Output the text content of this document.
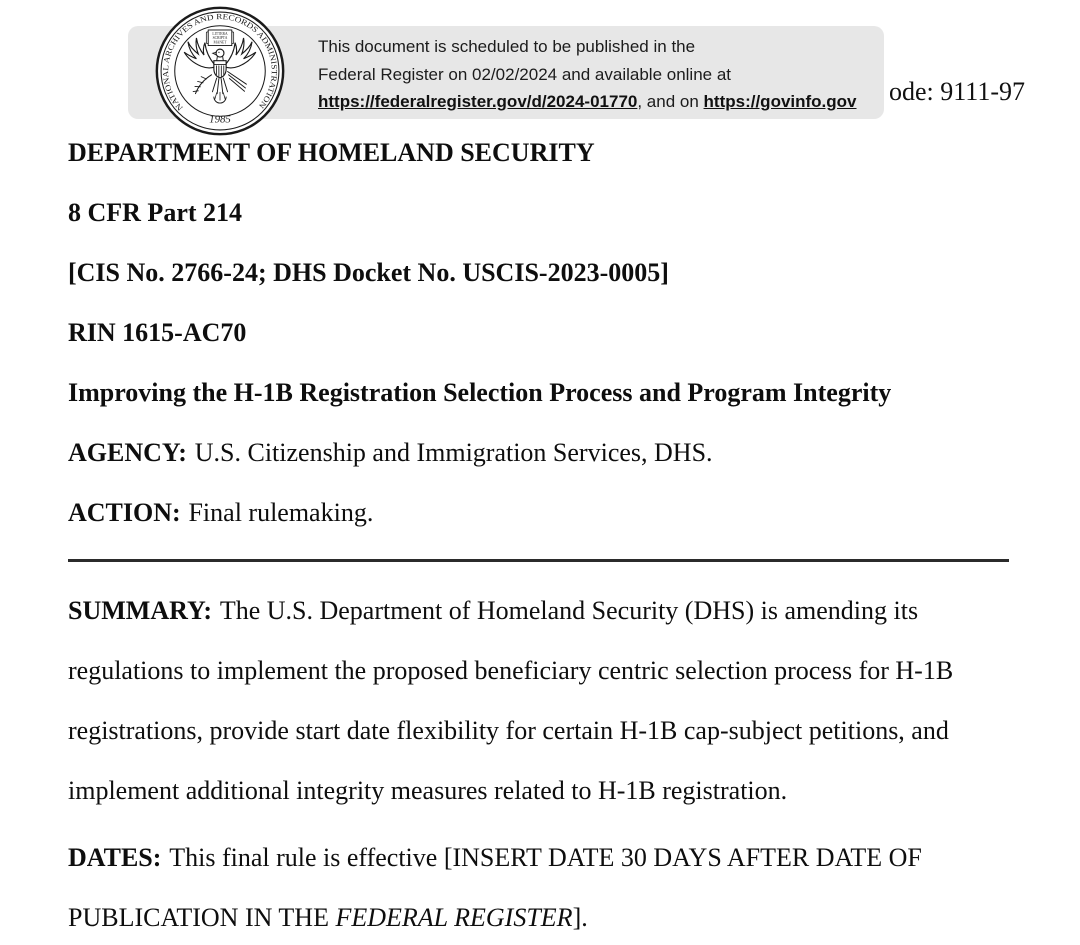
ode: 9111-97
This document is scheduled to be published in the
Federal Register on 02/02/2024 and available online at
https://federalregister.gov/d/2024-01770, and on https://govinfo.gov
NATIONAL ARCHIVES AND RECORDS ADMINISTRATION
1985
LITTERA
SCRIPTA
MANET
DEPARTMENT OF HOMELAND SECURITY
8 CFR Part 214
[CIS No. 2766-24; DHS Docket No. USCIS-2023-0005]
RIN 1615-AC70
Improving the H-1B Registration Selection Process and Program Integrity
AGENCY: U.S. Citizenship and Immigration Services, DHS.
ACTION: Final rulemaking.
SUMMARY: The U.S. Department of Homeland Security (DHS) is amending its
regulations to implement the proposed beneficiary centric selection process for H-1B
registrations, provide start date flexibility for certain H-1B cap-subject petitions, and
implement additional integrity measures related to H-1B registration.
DATES: This final rule is effective [INSERT DATE 30 DAYS AFTER DATE OF
PUBLICATION IN THE FEDERAL REGISTER].
